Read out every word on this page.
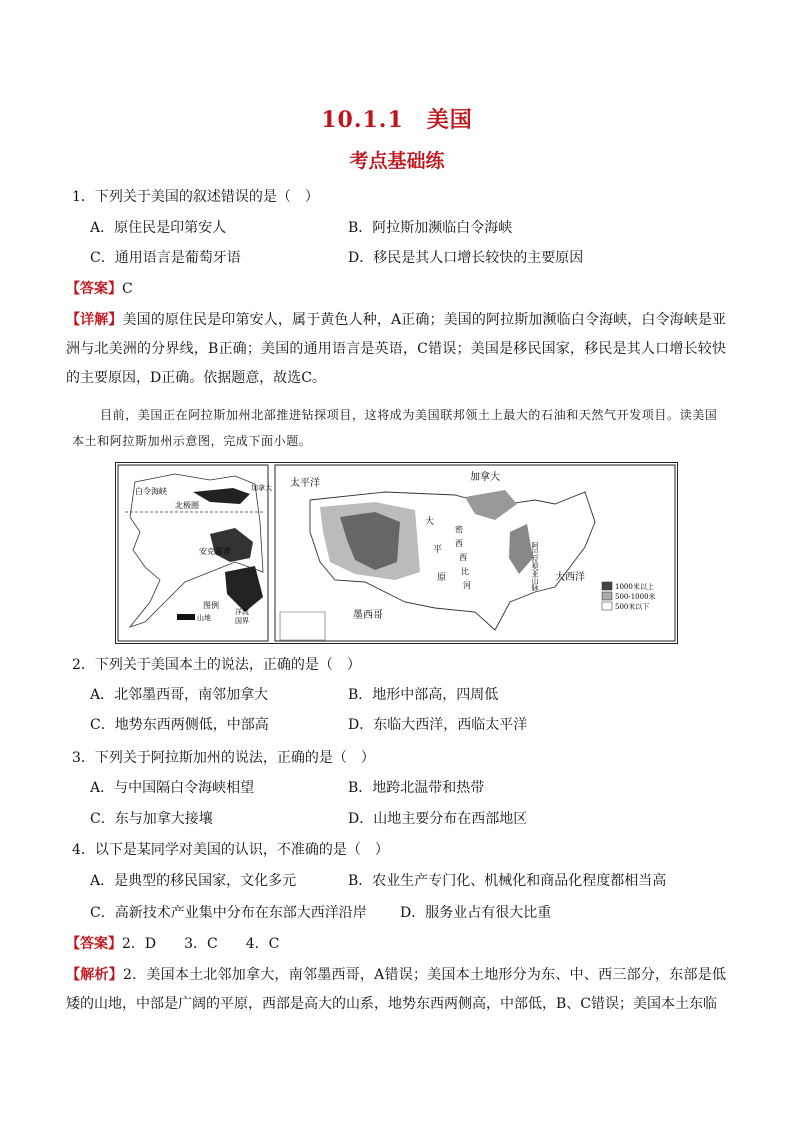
10.1.1　美国
考点基础练
1．下列关于美国的叙述错误的是（　）
A．原住民是印第安人	B．阿拉斯加濒临白令海峡
C．通用语言是葡萄牙语	D．移民是其人口增长较快的主要原因
【答案】C
【详解】美国的原住民是印第安人，属于黄色人种，A正确；美国的阿拉斯加濒临白令海峡，白令海峡是亚洲与北美洲的分界线，B正确；美国的通用语言是英语，C错误；美国是移民国家，移民是其人口增长较快的主要原因，D正确。依据题意，故选C。
目前，美国正在阿拉斯加州北部推进钻探项目，这将成为美国联邦领土上最大的石油和天然气开发项目。读美国本土和阿拉斯加州示意图，完成下面小题。
白令海峡
北极圈
安克雷奇
加拿大
图例
山地
洋流
国界
太平洋
加拿大
大
平
原
密
西
西
比
河	阿巴拉契亚山脉 大西洋
墨西哥
1000米以上
500-1000米
500米以下
2．下列关于美国本土的说法，正确的是（　）
A．北邻墨西哥，南邻加拿大	B．地形中部高，四周低
C．地势东西两侧低，中部高	D．东临大西洋，西临太平洋
3．下列关于阿拉斯加州的说法，正确的是（　）
A．与中国隔白令海峡相望	B．地跨北温带和热带
C．东与加拿大接壤	D．山地主要分布在西部地区
4．以下是某同学对美国的认识，不准确的是（　）
A．是典型的移民国家，文化多元	B．农业生产专门化、机械化和商品化程度都相当高
C．高新技术产业集中分布在东部大西洋沿岸 D．服务业占有很大比重
【答案】2．D　　3．C　　4．C
【解析】2．美国本土北邻加拿大，南邻墨西哥，A错误；美国本土地形分为东、中、西三部分，东部是低矮的山地，中部是广阔的平原，西部是高大的山系，地势东西两侧高，中部低，B、C错误；美国本土东临
